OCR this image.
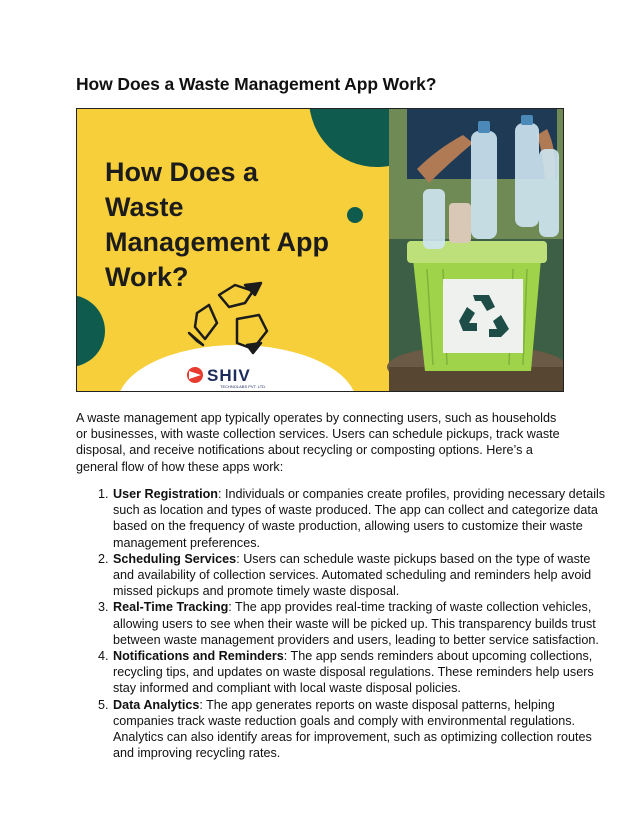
How Does a Waste Management App Work?
How Does a
Waste
Management App
Work?
SHIV
TECHNOLABS PVT. LTD.

A waste management app typically operates by connecting users, such as households or businesses, with waste collection services. Users can schedule pickups, track waste disposal, and receive notifications about recycling or composting options. Here’s a general flow of how these apps work:

1. User Registration: Individuals or companies create profiles, providing necessary details such as location and types of waste produced. The app can collect and categorize data based on the frequency of waste production, allowing users to customize their waste management preferences.
2. Scheduling Services: Users can schedule waste pickups based on the type of waste and availability of collection services. Automated scheduling and reminders help avoid missed pickups and promote timely waste disposal.
3. Real-Time Tracking: The app provides real-time tracking of waste collection vehicles, allowing users to see when their waste will be picked up. This transparency builds trust between waste management providers and users, leading to better service satisfaction.
4. Notifications and Reminders: The app sends reminders about upcoming collections, recycling tips, and updates on waste disposal regulations. These reminders help users stay informed and compliant with local waste disposal policies.
5. Data Analytics: The app generates reports on waste disposal patterns, helping companies track waste reduction goals and comply with environmental regulations. Analytics can also identify areas for improvement, such as optimizing collection routes and improving recycling rates.
